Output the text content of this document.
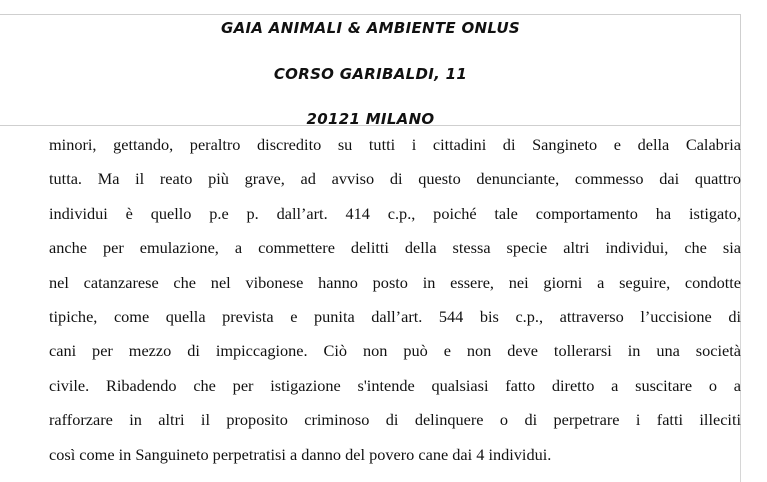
GAIA ANIMALI & AMBIENTE ONLUS
CORSO GARIBALDI, 11
20121 MILANO
minori, gettando, peraltro discredito su tutti i cittadini di Sangineto e della Calabria
tutta. Ma il reato più grave, ad avviso di questo denunciante, commesso dai quattro
individui è quello p.e p. dall’art. 414 c.p., poiché tale comportamento ha istigato,
anche per emulazione, a commettere delitti della stessa specie altri individui, che sia
nel catanzarese che nel vibonese hanno posto in essere, nei giorni a seguire, condotte
tipiche, come quella prevista e punita dall’art. 544 bis c.p., attraverso l’uccisione di
cani per mezzo di impiccagione. Ciò non può e non deve tollerarsi in una società
civile. Ribadendo che per istigazione s'intende qualsiasi fatto diretto a suscitare o a
rafforzare in altri il proposito criminoso di delinquere o di perpetrare i fatti illeciti
così come in Sanguineto perpetratisi a danno del povero cane dai 4 individui.
